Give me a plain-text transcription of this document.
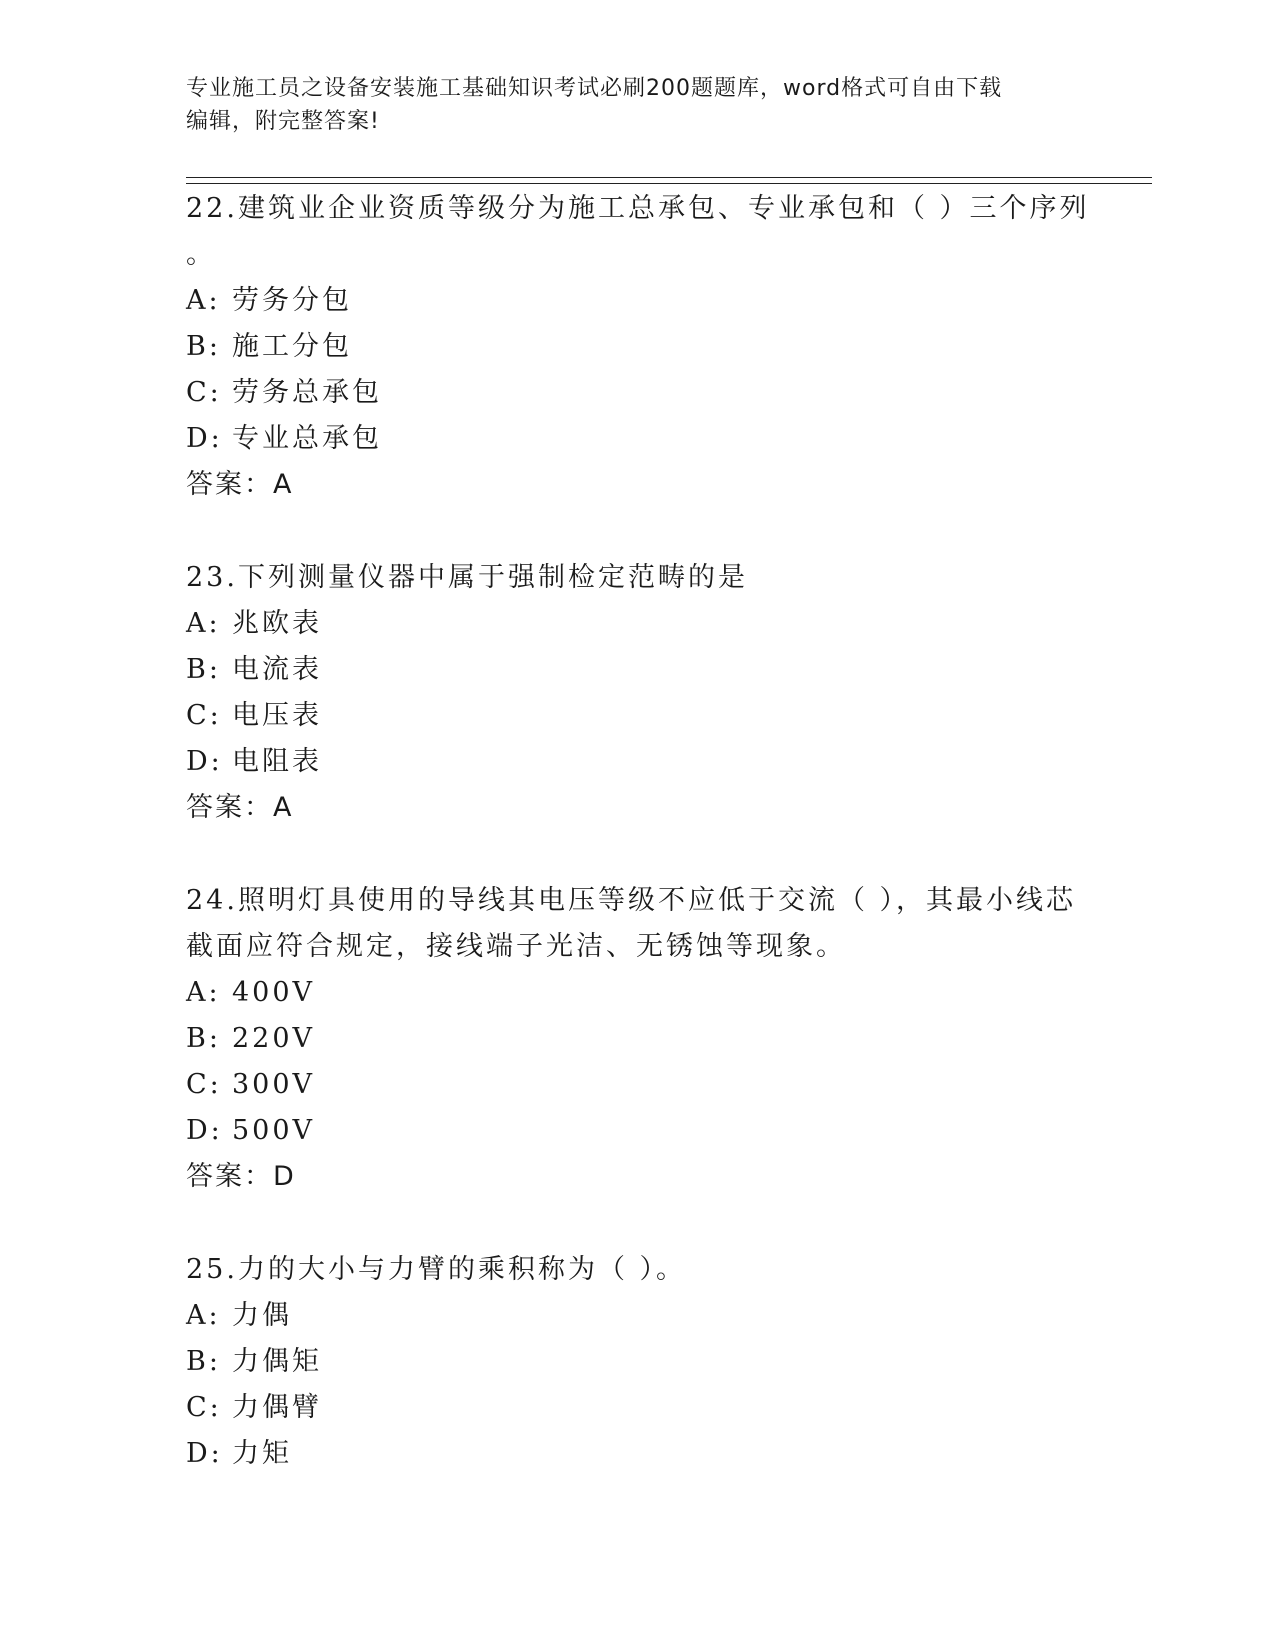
专业施工员之设备安装施工基础知识考试必刷200题题库，word格式可自由下载
编辑，附完整答案!
22.建筑业企业资质等级分为施工总承包、专业承包和（ ）三个序列
。
A: 劳务分包
B: 施工分包
C: 劳务总承包
D: 专业总承包
答案：A
23.下列测量仪器中属于强制检定范畴的是
A: 兆欧表
B: 电流表
C: 电压表
D: 电阻表
答案：A
24.照明灯具使用的导线其电压等级不应低于交流（ ），其最小线芯
截面应符合规定，接线端子光洁、无锈蚀等现象。
A: 400V
B: 220V
C: 300V
D: 500V
答案：D
25.力的大小与力臂的乘积称为（ ）。
A: 力偶
B: 力偶矩
C: 力偶臂
D: 力矩
